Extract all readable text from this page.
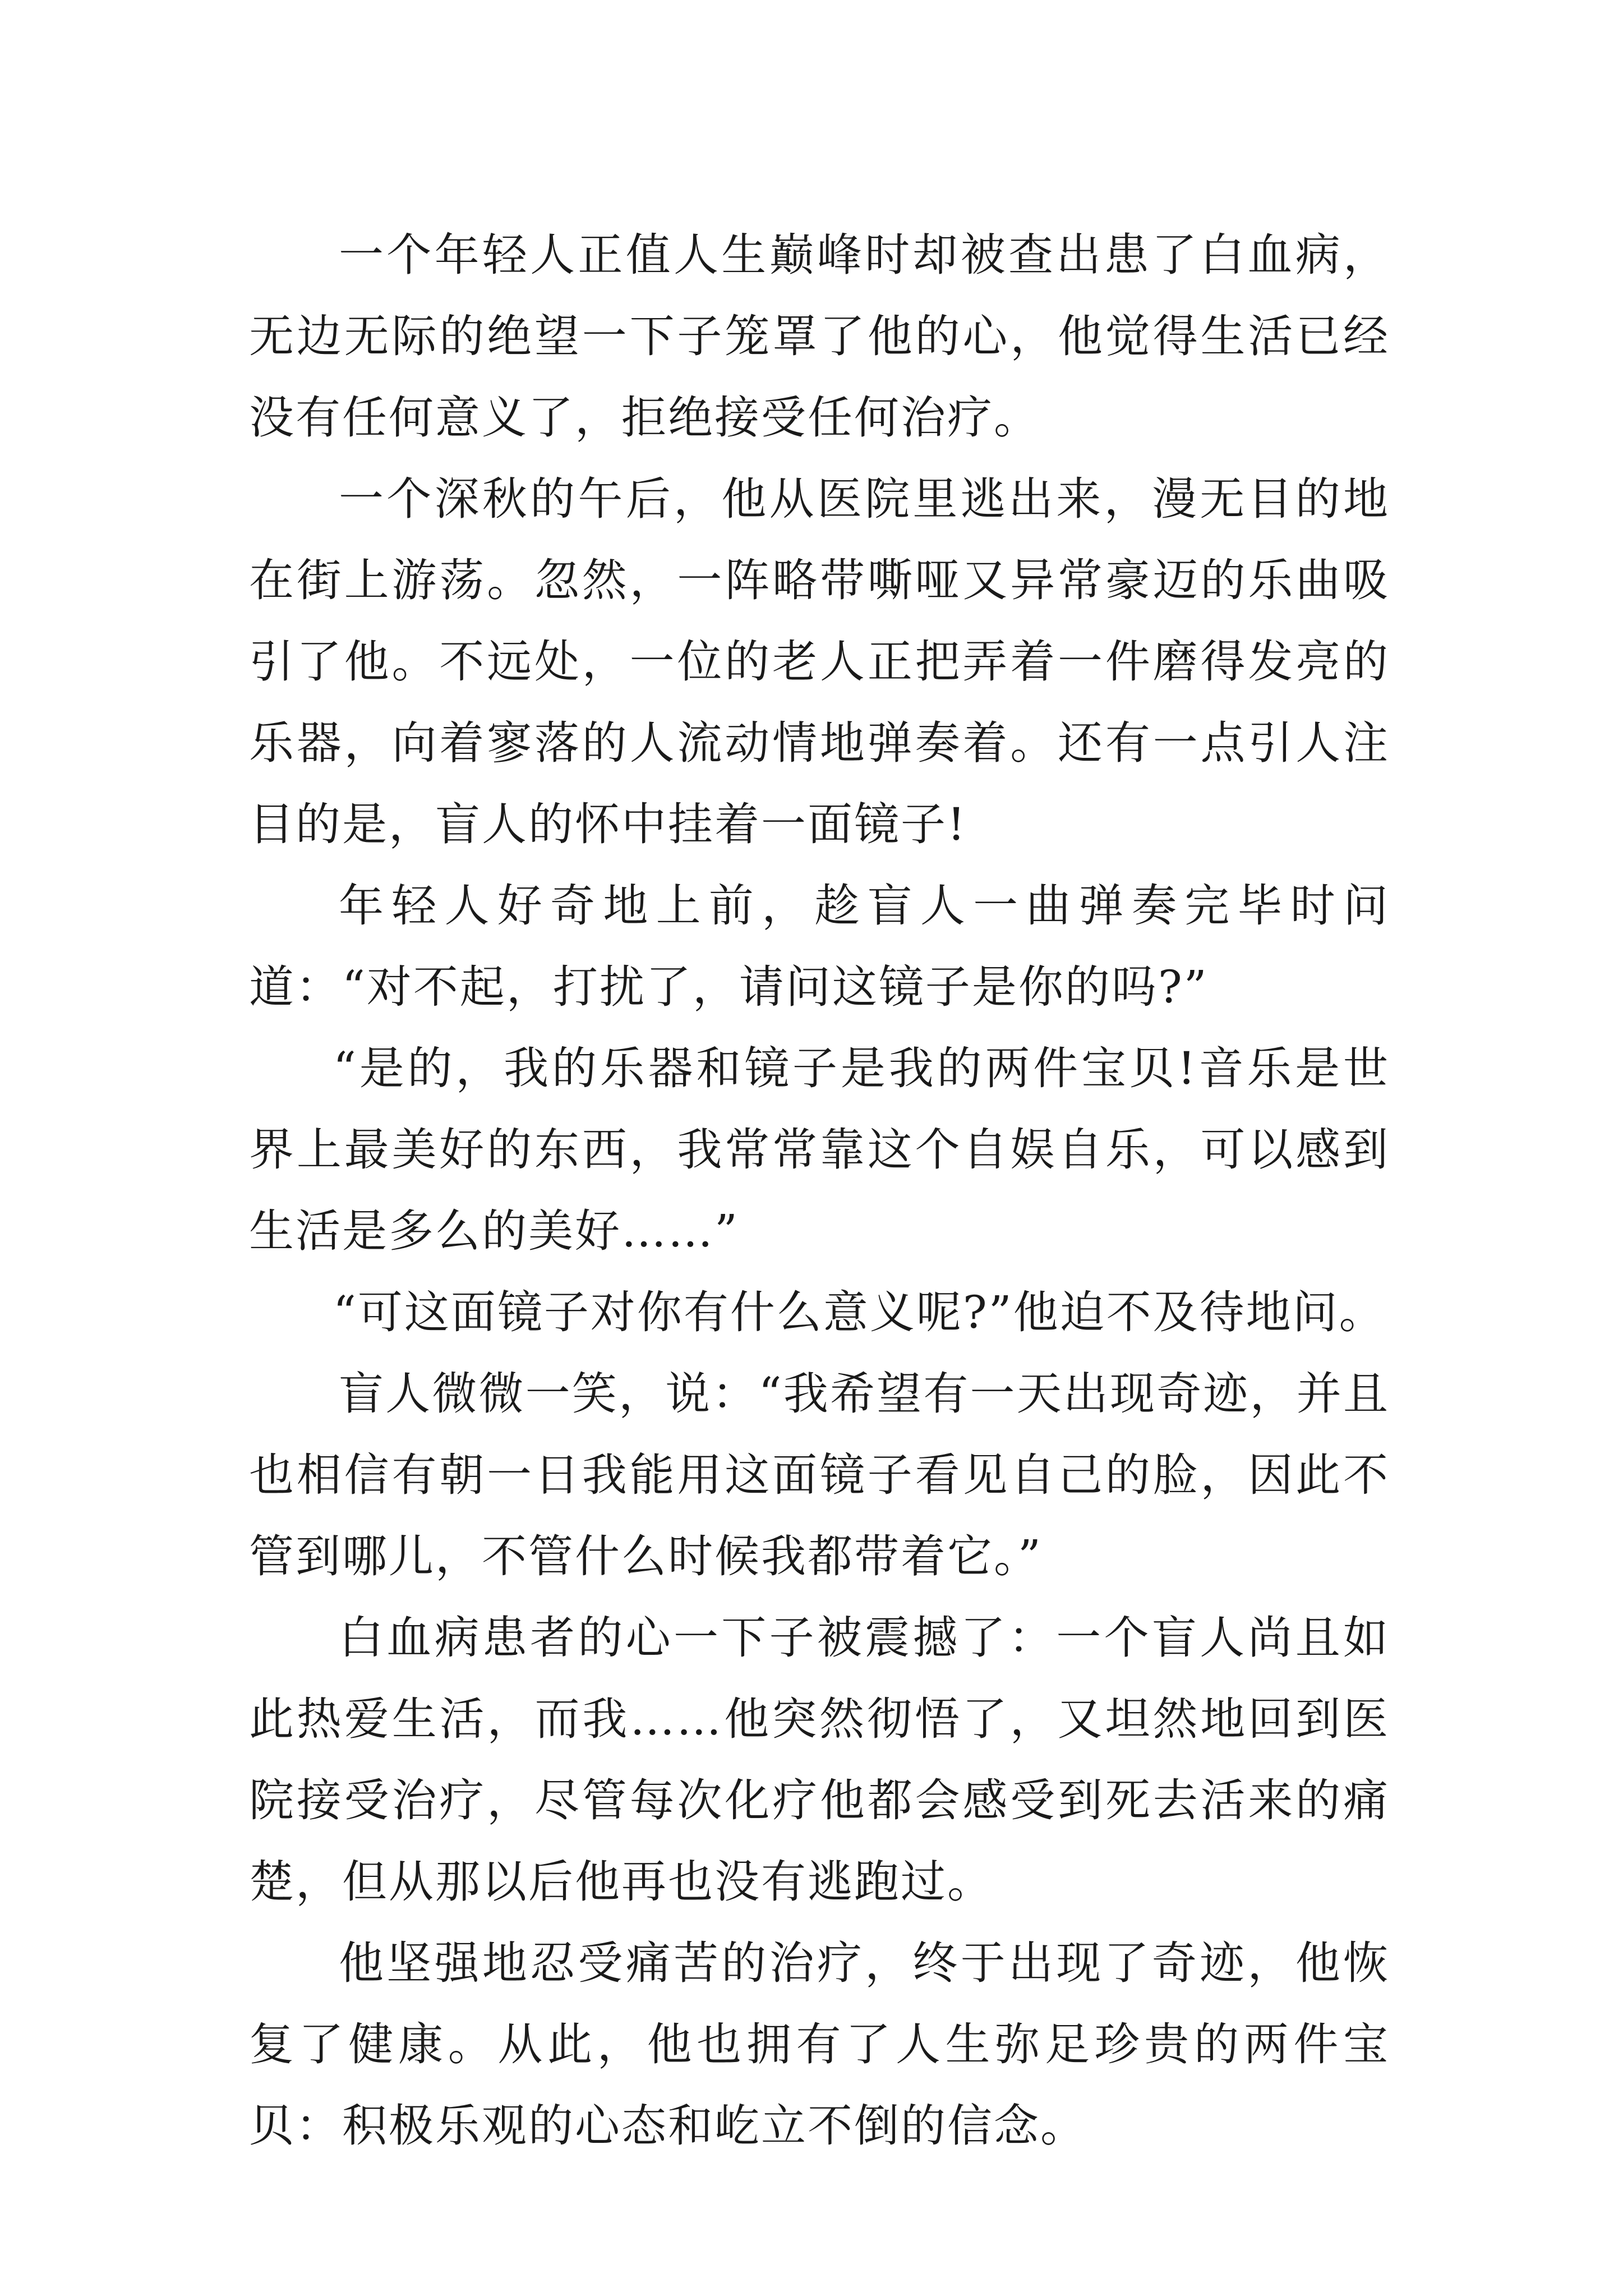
一个年轻人正值人生巅峰时却被查出患了白血病，无边无际的绝望一下子笼罩了他的心，他觉得生活已经没有任何意义了，拒绝接受任何治疗。

一个深秋的午后，他从医院里逃出来，漫无目的地在街上游荡。忽然，一阵略带嘶哑又异常豪迈的乐曲吸引了他。不远处，一位的老人正把弄着一件磨得发亮的乐器，向着寥落的人流动情地弹奏着。还有一点引人注目的是，盲人的怀中挂着一面镜子!

年轻人好奇地上前，趁盲人一曲弹奏完毕时问道：“对不起，打扰了，请问这镜子是你的吗?”

“是的，我的乐器和镜子是我的两件宝贝!音乐是世界上最美好的东西，我常常靠这个自娱自乐，可以感到生活是多么的美好……”

“可这面镜子对你有什么意义呢?”他迫不及待地问。

盲人微微一笑，说：“我希望有一天出现奇迹，并且也相信有朝一日我能用这面镜子看见自己的脸，因此不管到哪儿，不管什么时候我都带着它。”

白血病患者的心一下子被震撼了：一个盲人尚且如此热爱生活，而我……他突然彻悟了，又坦然地回到医院接受治疗，尽管每次化疗他都会感受到死去活来的痛楚，但从那以后他再也没有逃跑过。

他坚强地忍受痛苦的治疗，终于出现了奇迹，他恢复了健康。从此，他也拥有了人生弥足珍贵的两件宝贝：积极乐观的心态和屹立不倒的信念。
